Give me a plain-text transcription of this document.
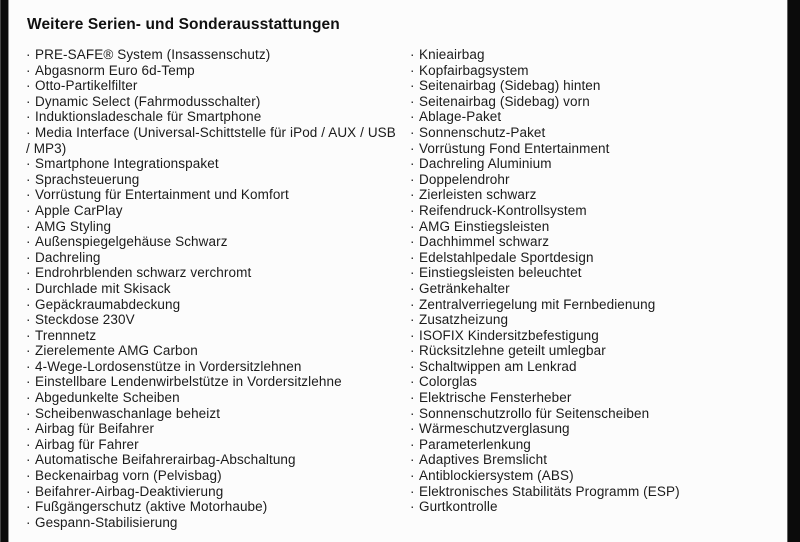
Weitere Serien- und Sonderausstattungen
· PRE-SAFE® System (Insassenschutz)
· Abgasnorm Euro 6d-Temp
· Otto-Partikelfilter
· Dynamic Select (Fahrmodusschalter)
· Induktionsladeschale für Smartphone
· Media Interface (Universal-Schittstelle für iPod / AUX / USB / MP3)
· Smartphone Integrationspaket
· Sprachsteuerung
· Vorrüstung für Entertainment und Komfort
· Apple CarPlay
· AMG Styling
· Außenspiegelgehäuse Schwarz
· Dachreling
· Endrohrblenden schwarz verchromt
· Durchlade mit Skisack
· Gepäckraumabdeckung
· Steckdose 230V
· Trennnetz
· Zierelemente AMG Carbon
· 4-Wege-Lordosenstütze in Vordersitzlehnen
· Einstellbare Lendenwirbelstütze in Vordersitzlehne
· Abgedunkelte Scheiben
· Scheibenwaschanlage beheizt
· Airbag für Beifahrer
· Airbag für Fahrer
· Automatische Beifahrerairbag-Abschaltung
· Beckenairbag vorn (Pelvisbag)
· Beifahrer-Airbag-Deaktivierung
· Fußgängerschutz (aktive Motorhaube)
· Gespann-Stabilisierung
· Knieairbag
· Kopfairbagsystem
· Seitenairbag (Sidebag) hinten
· Seitenairbag (Sidebag) vorn
· Ablage-Paket
· Sonnenschutz-Paket
· Vorrüstung Fond Entertainment
· Dachreling Aluminium
· Doppelendrohr
· Zierleisten schwarz
· Reifendruck-Kontrollsystem
· AMG Einstiegsleisten
· Dachhimmel schwarz
· Edelstahlpedale Sportdesign
· Einstiegsleisten beleuchtet
· Getränkehalter
· Zentralverriegelung mit Fernbedienung
· Zusatzheizung
· ISOFIX Kindersitzbefestigung
· Rücksitzlehne geteilt umlegbar
· Schaltwippen am Lenkrad
· Colorglas
· Elektrische Fensterheber
· Sonnenschutzrollo für Seitenscheiben
· Wärmeschutzverglasung
· Parameterlenkung
· Adaptives Bremslicht
· Antiblockiersystem (ABS)
· Elektronisches Stabilitäts Programm (ESP)
· Gurtkontrolle
